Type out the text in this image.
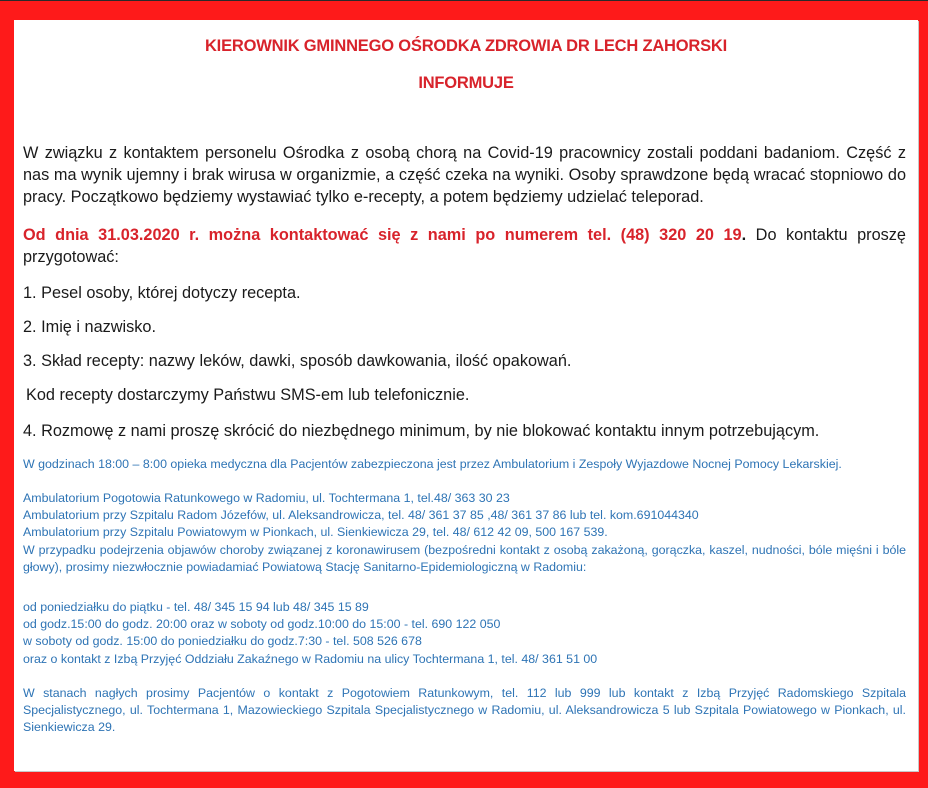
KIEROWNIK GMINNEGO OŚRODKA ZDROWIA DR LECH ZAHORSKI
INFORMUJE

W związku z kontaktem personelu Ośrodka z osobą chorą na Covid-19 pracownicy zostali poddani badaniom. Część z nas ma wynik ujemny i brak wirusa w organizmie, a część czeka na wyniki. Osoby sprawdzone będą wracać stopniowo do pracy. Początkowo będziemy wystawiać tylko e-recepty, a potem będziemy udzielać teleporad.

Od dnia 31.03.2020 r. można kontaktować się z nami po numerem tel. (48) 320 20 19. Do kontaktu proszę przygotować:

1. Pesel osoby, której dotyczy recepta.
2. Imię i nazwisko.
3. Skład recepty: nazwy leków, dawki, sposób dawkowania, ilość opakowań.
Kod recepty dostarczymy Państwu SMS-em lub telefonicznie.
4. Rozmowę z nami proszę skrócić do niezbędnego minimum, by nie blokować kontaktu innym potrzebującym.
W godzinach 18:00 – 8:00 opieka medyczna dla Pacjentów zabezpieczona jest przez Ambulatorium i Zespoły Wyjazdowe Nocnej Pomocy Lekarskiej.
Ambulatorium Pogotowia Ratunkowego w Radomiu, ul. Tochtermana 1, tel.48/ 363 30 23
Ambulatorium przy Szpitalu Radom Józefów, ul. Aleksandrowicza, tel. 48/ 361 37 85 ,48/ 361 37 86 lub tel. kom.691044340
Ambulatorium przy Szpitalu Powiatowym w Pionkach, ul. Sienkiewicza 29, tel. 48/ 612 42 09, 500 167 539.
W przypadku podejrzenia objawów choroby związanej z koronawirusem (bezpośredni kontakt z osobą zakażoną, gorączka, kaszel, nudności, bóle mięśni i bóle głowy), prosimy niezwłocznie powiadamiać Powiatową Stację Sanitarno-Epidemiologiczną w Radomiu:
od poniedziałku do piątku - tel. 48/ 345 15 94 lub 48/ 345 15 89
od godz.15:00 do godz. 20:00 oraz w soboty od godz.10:00 do 15:00 - tel. 690 122 050
w soboty od godz. 15:00 do poniedziałku do godz.7:30 - tel. 508 526 678
oraz o kontakt z Izbą Przyjęć Oddziału Zakaźnego w Radomiu na ulicy Tochtermana 1, tel. 48/ 361 51 00
W stanach nagłych prosimy Pacjentów o kontakt z Pogotowiem Ratunkowym, tel. 112 lub 999 lub kontakt z Izbą Przyjęć Radomskiego Szpitala Specjalistycznego, ul. Tochtermana 1, Mazowieckiego Szpitala Specjalistycznego w Radomiu, ul. Aleksandrowicza 5 lub Szpitala Powiatowego w Pionkach, ul. Sienkiewicza 29.
